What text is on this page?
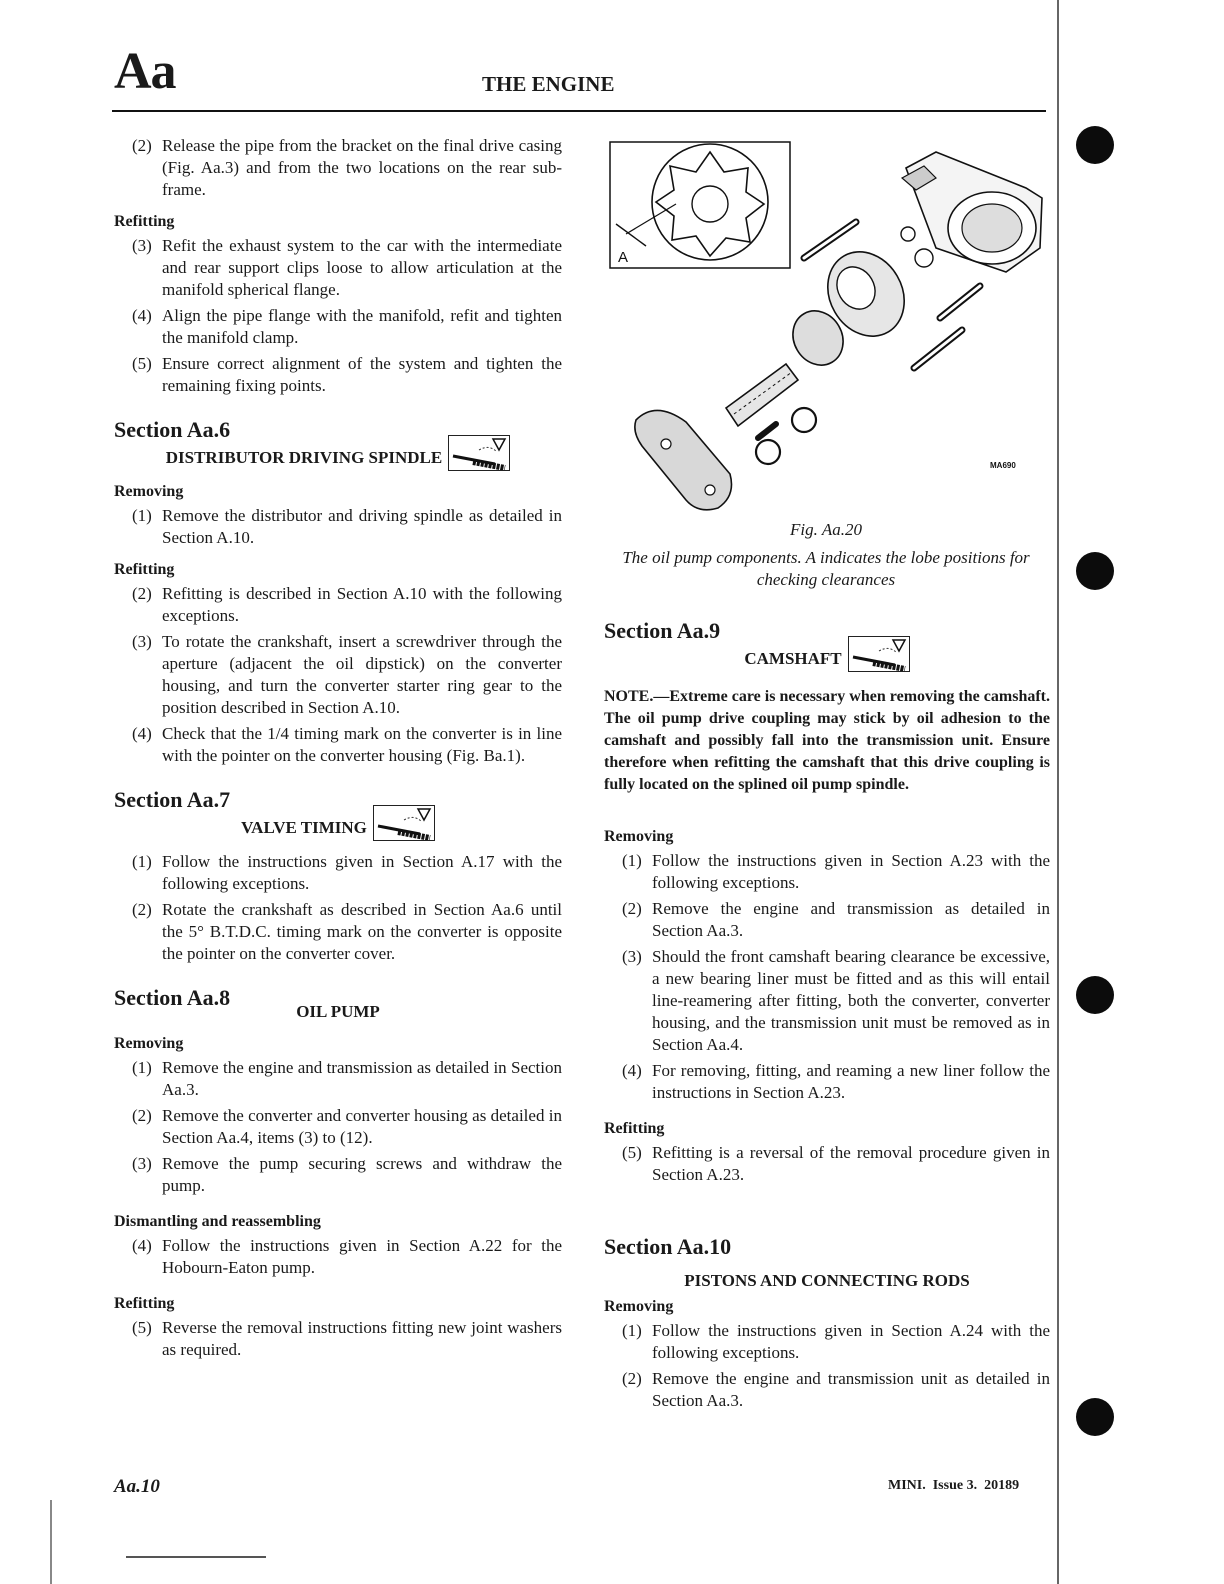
Aa	THE ENGINE
(2) Release the pipe from the bracket on the final drive casing (Fig. Aa.3) and from the two locations on the rear sub-frame.
Refitting
(3) Refit the exhaust system to the car with the intermediate and rear support clips loose to allow articulation at the manifold spherical flange.
(4) Align the pipe flange with the manifold, refit and tighten the manifold clamp.
(5) Ensure correct alignment of the system and tighten the remaining fixing points.
Section Aa.6
DISTRIBUTOR DRIVING SPINDLE
Removing
(1) Remove the distributor and driving spindle as detailed in Section A.10.
Refitting
(2) Refitting is described in Section A.10 with the following exceptions.
(3) To rotate the crankshaft, insert a screwdriver through the aperture (adjacent the oil dipstick) on the converter housing, and turn the converter starter ring gear to the position described in Section A.10.
(4) Check that the 1/4 timing mark on the converter is in line with the pointer on the converter housing (Fig. Ba.1).
Section Aa.7
VALVE TIMING
(1) Follow the instructions given in Section A.17 with the following exceptions.
(2) Rotate the crankshaft as described in Section Aa.6 until the 5° B.T.D.C. timing mark on the converter is opposite the pointer on the converter cover.
Section Aa.8
OIL PUMP
Removing
(1) Remove the engine and transmission as detailed in Section Aa.3.
(2) Remove the converter and converter housing as detailed in Section Aa.4, items (3) to (12).
(3) Remove the pump securing screws and withdraw the pump.
Dismantling and reassembling
(4) Follow the instructions given in Section A.22 for the Hobourn-Eaton pump.
Refitting
(5) Reverse the removal instructions fitting new joint washers as required.
A
MA690
Fig. Aa.20
The oil pump components. A indicates the lobe positions for checking clearances
Section Aa.9
CAMSHAFT
NOTE.—Extreme care is necessary when removing the camshaft. The oil pump drive coupling may stick by oil adhesion to the camshaft and possibly fall into the transmission unit. Ensure therefore when refitting the camshaft that this drive coupling is fully located on the splined oil pump spindle.
Removing
(1) Follow the instructions given in Section A.23 with the following exceptions.
(2) Remove the engine and transmission as detailed in Section Aa.3.
(3) Should the front camshaft bearing clearance be excessive, a new bearing liner must be fitted and as this will entail line-reamering after fitting, both the converter, converter housing, and the transmission unit must be removed as in Section Aa.4.
(4) For removing, fitting, and reaming a new liner follow the instructions in Section A.23.
Refitting
(5) Refitting is a reversal of the removal procedure given in Section A.23.
Section Aa.10
PISTONS AND CONNECTING RODS
Removing
(1) Follow the instructions given in Section A.24 with the following exceptions.
(2) Remove the engine and transmission unit as detailed in Section Aa.3.
Aa.10	MINI.  Issue 3.  20189
